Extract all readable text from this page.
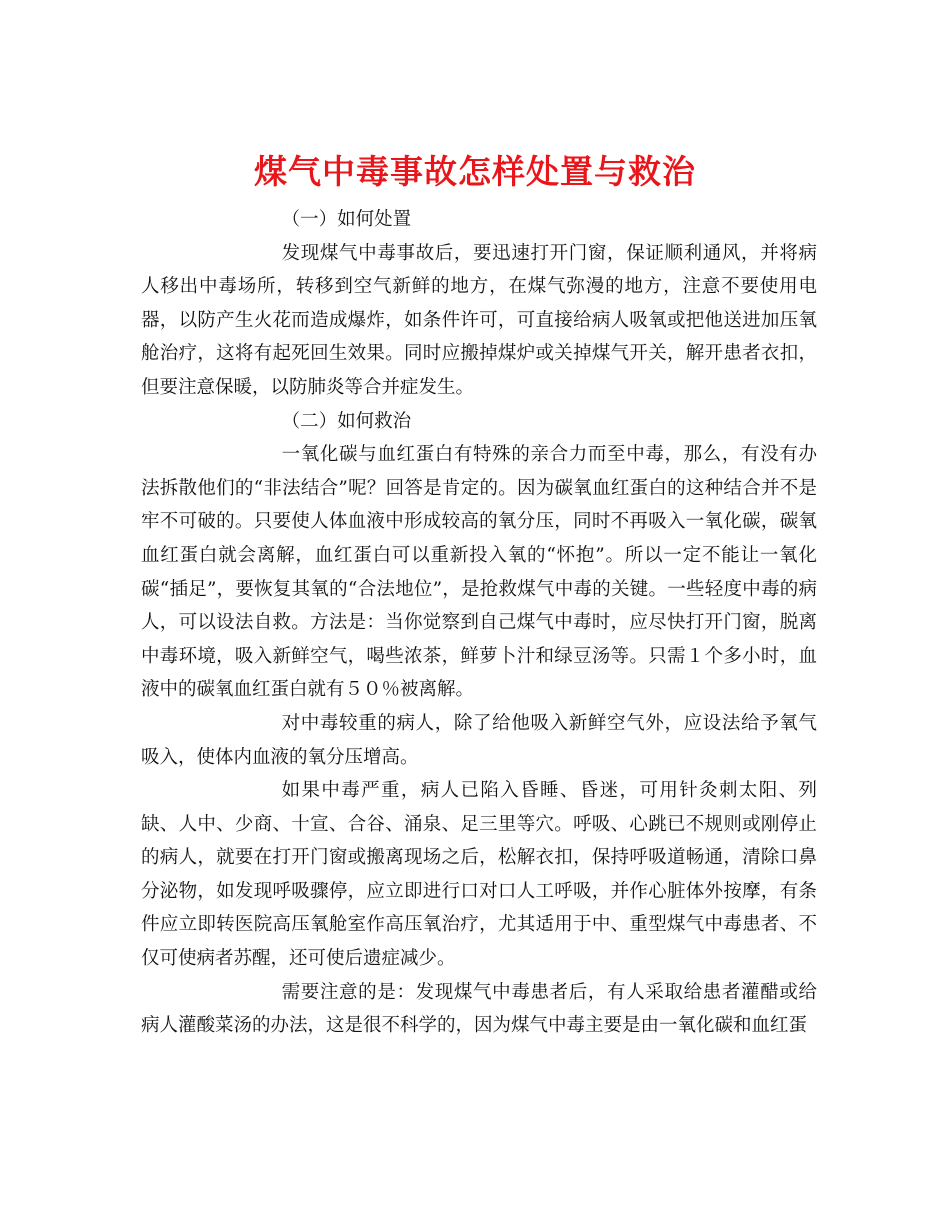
煤气中毒事故怎样处置与救治

（一）如何处置

发现煤气中毒事故后，要迅速打开门窗，保证顺利通风，并将病人移出中毒场所，转移到空气新鲜的地方，在煤气弥漫的地方，注意不要使用电器，以防产生火花而造成爆炸，如条件许可，可直接给病人吸氧或把他送进加压氧舱治疗，这将有起死回生效果。同时应搬掉煤炉或关掉煤气开关，解开患者衣扣，但要注意保暖，以防肺炎等合并症发生。

（二）如何救治

一氧化碳与血红蛋白有特殊的亲合力而至中毒，那么，有没有办法拆散他们的“非法结合”呢？回答是肯定的。因为碳氧血红蛋白的这种结合并不是牢不可破的。只要使人体血液中形成较高的氧分压，同时不再吸入一氧化碳，碳氧血红蛋白就会离解，血红蛋白可以重新投入氧的“怀抱”。所以一定不能让一氧化碳“插足”，要恢复其氧的“合法地位”，是抢救煤气中毒的关键。一些轻度中毒的病人，可以设法自救。方法是：当你觉察到自己煤气中毒时，应尽快打开门窗，脱离中毒环境，吸入新鲜空气，喝些浓茶，鲜萝卜汁和绿豆汤等。只需１个多小时，血液中的碳氧血红蛋白就有５０％被离解。

对中毒较重的病人，除了给他吸入新鲜空气外，应设法给予氧气吸入，使体内血液的氧分压增高。

如果中毒严重，病人已陷入昏睡、昏迷，可用针灸刺太阳、列缺、人中、少商、十宣、合谷、涌泉、足三里等穴。呼吸、心跳已不规则或刚停止的病人，就要在打开门窗或搬离现场之后，松解衣扣，保持呼吸道畅通，清除口鼻分泌物，如发现呼吸骤停，应立即进行口对口人工呼吸，并作心脏体外按摩，有条件应立即转医院高压氧舱室作高压氧治疗，尤其适用于中、重型煤气中毒患者、不仅可使病者苏醒，还可使后遗症减少。

需要注意的是：发现煤气中毒患者后，有人采取给患者灌醋或给病人灌酸菜汤的办法，这是很不科学的，因为煤气中毒主要是由一氧化碳和血红蛋
